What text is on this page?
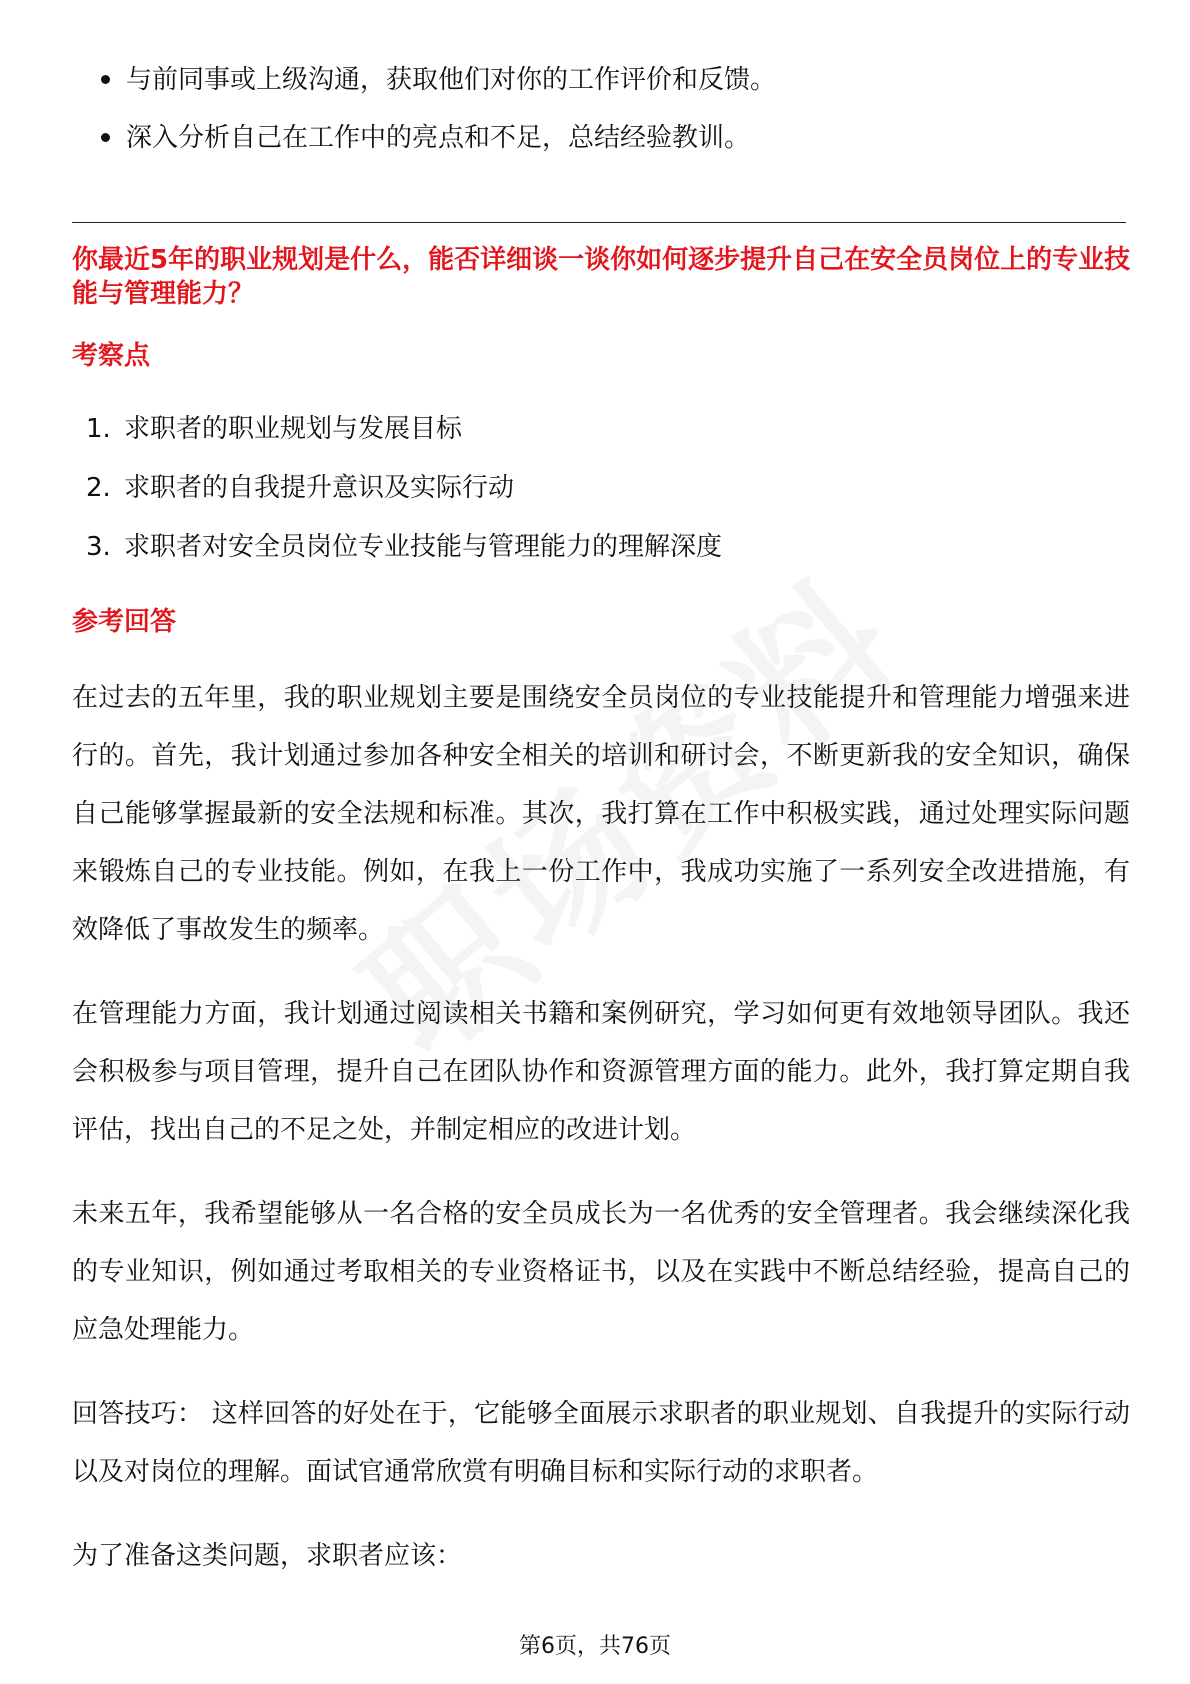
与前同事或上级沟通，获取他们对你的工作评价和反馈。
深入分析自己在工作中的亮点和不足，总结经验教训。
你最近5年的职业规划是什么，能否详细谈一谈你如何逐步提升自己在安全员岗位上的专业技能与管理能力？
考察点
1. 求职者的职业规划与发展目标
2. 求职者的自我提升意识及实际行动
3. 求职者对安全员岗位专业技能与管理能力的理解深度
参考回答
在过去的五年里，我的职业规划主要是围绕安全员岗位的专业技能提升和管理能力增强来进行的。首先，我计划通过参加各种安全相关的培训和研讨会，不断更新我的安全知识，确保自己能够掌握最新的安全法规和标准。其次，我打算在工作中积极实践，通过处理实际问题来锻炼自己的专业技能。例如，在我上一份工作中，我成功实施了一系列安全改进措施，有效降低了事故发生的频率。
在管理能力方面，我计划通过阅读相关书籍和案例研究，学习如何更有效地领导团队。我还会积极参与项目管理，提升自己在团队协作和资源管理方面的能力。此外，我打算定期自我评估，找出自己的不足之处，并制定相应的改进计划。
未来五年，我希望能够从一名合格的安全员成长为一名优秀的安全管理者。我会继续深化我的专业知识，例如通过考取相关的专业资格证书，以及在实践中不断总结经验，提高自己的应急处理能力。
回答技巧： 这样回答的好处在于，它能够全面展示求职者的职业规划、自我提升的实际行动以及对岗位的理解。面试官通常欣赏有明确目标和实际行动的求职者。
为了准备这类问题，求职者应该：
第6页，共76页
